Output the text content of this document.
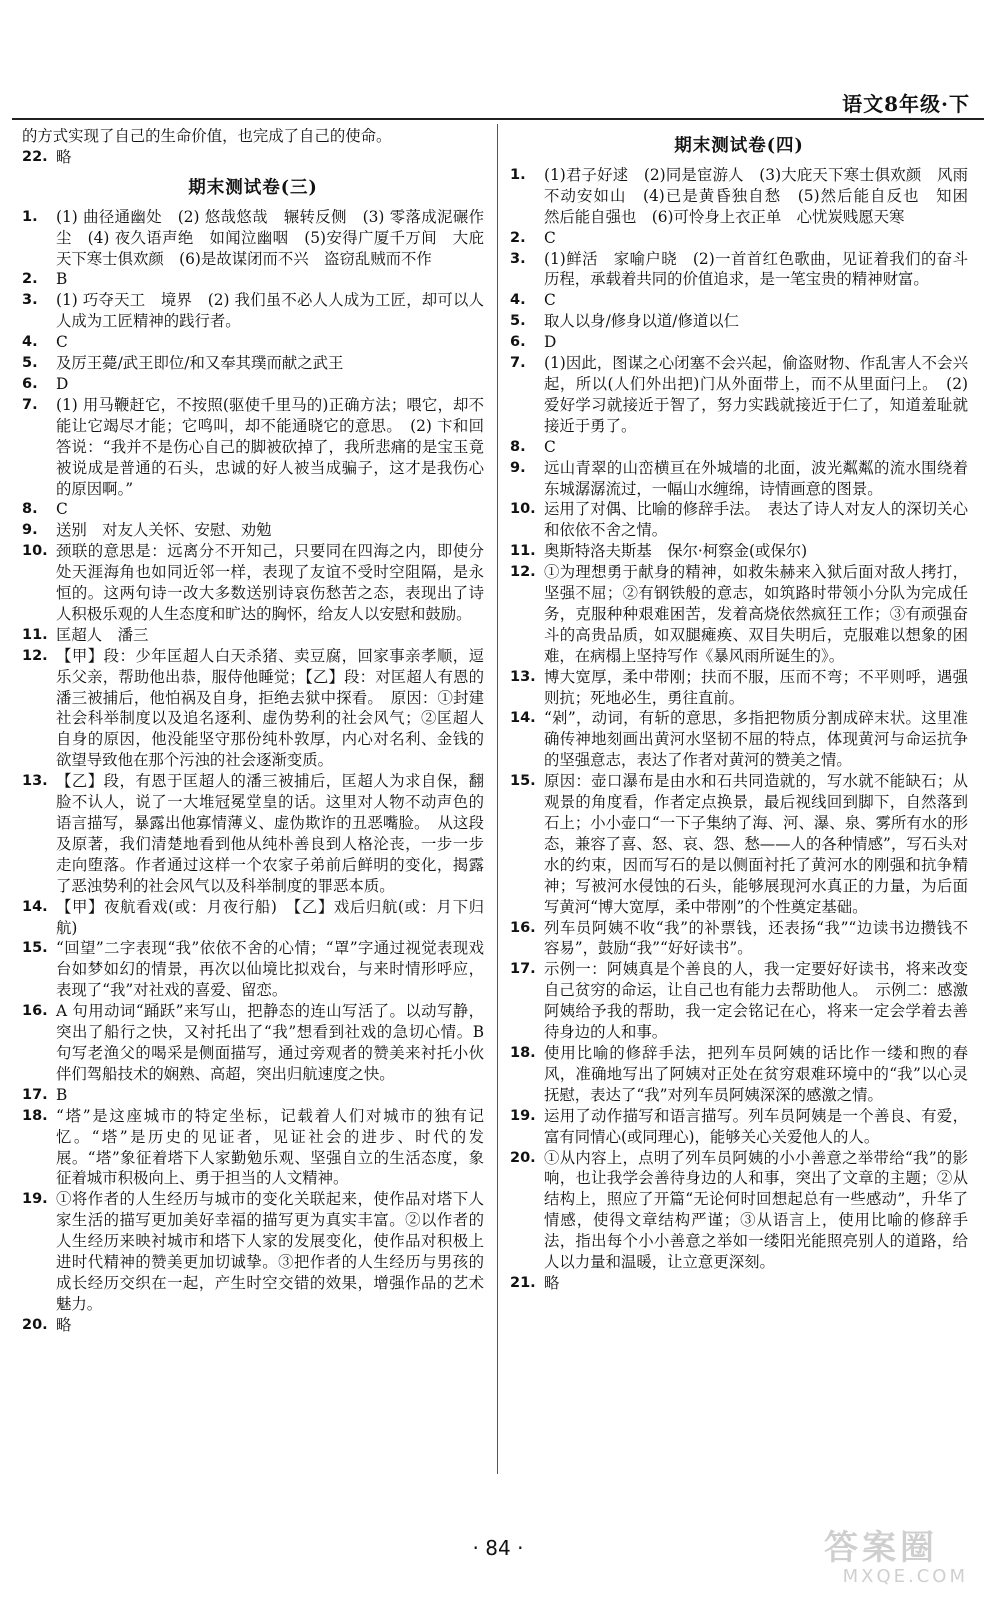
语文8年级·下

的方式实现了自己的生命价值，也完成了自己的使命。

22. 略
期末测试卷(三)
1.	(1) 曲径通幽处　(2) 悠哉悠哉　辗转反侧　(3) 零落成泥碾作尘　(4) 夜久语声绝　如闻泣幽咽　(5)安得广厦千万间　大庇天下寒士俱欢颜　(6)是故谋闭而不兴　盗窃乱贼而不作
2.	B
3.	(1) 巧夺天工　境界　(2) 我们虽不必人人成为工匠，却可以人人成为工匠精神的践行者。
4.	C
5.	及厉王薨/武王即位/和又奉其璞而献之武王
6.	D
7.	(1) 用马鞭赶它，不按照(驱使千里马的)正确方法；喂它，却不能让它竭尽才能；它鸣叫，却不能通晓它的意思。　(2) 卞和回答说：“我并不是伤心自己的脚被砍掉了，我所悲痛的是宝玉竟被说成是普通的石头，忠诚的好人被当成骗子，这才是我伤心的原因啊。”
8.	C
9.	送别　对友人关怀、安慰、劝勉
10. 颈联的意思是：远离分不开知己，只要同在四海之内，即使分处天涯海角也如同近邻一样，表现了友谊不受时空阻隔，是永恒的。这两句诗一改大多数送别诗哀伤愁苦之态，表现出了诗人积极乐观的人生态度和旷达的胸怀，给友人以安慰和鼓励。
11. 匡超人　潘三
12. 【甲】段：少年匡超人白天杀猪、卖豆腐，回家事亲孝顺，逗乐父亲，帮助他出恭，服侍他睡觉；【乙】段：对匡超人有恩的潘三被捕后，他怕祸及自身，拒绝去狱中探看。　原因：①封建社会科举制度以及追名逐利、虚伪势利的社会风气；②匡超人自身的原因，他没能坚守那份纯朴敦厚，内心对名利、金钱的欲望导致他在那个污浊的社会逐渐变质。
13. 【乙】段，有恩于匡超人的潘三被捕后，匡超人为求自保，翻脸不认人，说了一大堆冠冕堂皇的话。这里对人物不动声色的语言描写，暴露出他寡情薄义、虚伪欺诈的丑恶嘴脸。　从这段及原著，我们清楚地看到他从纯朴善良到人格沦丧，一步一步走向堕落。作者通过这样一个农家子弟前后鲜明的变化，揭露了恶浊势利的社会风气以及科举制度的罪恶本质。
14. 【甲】夜航看戏(或：月夜行船)　【乙】戏后归航(或：月下归航)
15. “回望”二字表现“我”依依不舍的心情；“罩”字通过视觉表现戏台如梦如幻的情景，再次以仙境比拟戏台，与来时情形呼应，表现了“我”对社戏的喜爱、留恋。
16. A 句用动词“踊跃”来写山，把静态的连山写活了。以动写静，突出了船行之快，又衬托出了“我”想看到社戏的急切心情。B 句写老渔父的喝采是侧面描写，通过旁观者的赞美来衬托小伙伴们驾船技术的娴熟、高超，突出归航速度之快。
17. B
18. “塔”是这座城市的特定坐标，记载着人们对城市的独有记忆。“塔”是历史的见证者，见证社会的进步、时代的发展。“塔”象征着塔下人家勤勉乐观、坚强自立的生活态度，象征着城市积极向上、勇于担当的人文精神。
19. ①将作者的人生经历与城市的变化关联起来，使作品对塔下人家生活的描写更加美好幸福的描写更为真实丰富。②以作者的人生经历来映衬城市和塔下人家的发展变化，使作品对积极上进时代精神的赞美更加切诚挚。③把作者的人生经历与男孩的成长经历交织在一起，产生时空交错的效果，增强作品的艺术魅力。
20. 略
期末测试卷(四)
1.	(1)君子好逑　(2)同是宦游人　(3)大庇天下寒士俱欢颜　风雨不动安如山　(4)已是黄昏独自愁　(5)然后能自反也　知困　然后能自强也　(6)可怜身上衣正单　心忧炭贱愿天寒
2.	C
3.	(1)鲜活　家喻户晓　(2)一首首红色歌曲，见证着我们的奋斗历程，承载着共同的价值追求，是一笔宝贵的精神财富。
4.	C
5.	取人以身/修身以道/修道以仁
6.	D
7.	(1)因此，图谋之心闭塞不会兴起，偷盗财物、作乱害人不会兴起，所以(人们外出把)门从外面带上，而不从里面闩上。　(2)爱好学习就接近于智了，努力实践就接近于仁了，知道羞耻就接近于勇了。
8.	C
9.	远山青翠的山峦横亘在外城墙的北面，波光粼粼的流水围绕着东城潺潺流过，一幅山水缠绵，诗情画意的图景。
10. 运用了对偶、比喻的修辞手法。　表达了诗人对友人的深切关心和依依不舍之情。
11. 奥斯特洛夫斯基　保尔·柯察金(或保尔)
12. ①为理想勇于献身的精神，如救朱赫来入狱后面对敌人拷打，坚强不屈；②有钢铁般的意志，如筑路时带领小分队为完成任务，克服种种艰难困苦，发着高烧依然疯狂工作；③有顽强奋斗的高贵品质，如双腿瘫痪、双目失明后，克服难以想象的困难，在病榻上坚持写作《暴风雨所诞生的》。
13. 博大宽厚，柔中带刚；扶而不服，压而不弯；不平则呼，遇强则抗；死地必生，勇往直前。
14. “剁”，动词，有斩的意思，多指把物质分割成碎末状。这里准确传神地刻画出黄河水坚韧不屈的特点，体现黄河与命运抗争的坚强意志，表达了作者对黄河的赞美之情。
15. 原因：壶口瀑布是由水和石共同造就的，写水就不能缺石；从观景的角度看，作者定点换景，最后视线回到脚下，自然落到石上；小小壶口“一下子集纳了海、河、瀑、泉、雾所有水的形态，兼容了喜、怒、哀、怨、愁——人的各种情感”，写石头对水的约束，因而写石的是以侧面衬托了黄河水的刚强和抗争精神；写被河水侵蚀的石头，能够展现河水真正的力量，为后面写黄河“博大宽厚，柔中带刚”的个性奠定基础。
16. 列车员阿姨不收“我”的补票钱，还表扬“我”“边读书边攒钱不容易”，鼓励“我”“好好读书”。
17. 示例一：阿姨真是个善良的人，我一定要好好读书，将来改变自己贫穷的命运，让自己也有能力去帮助他人。　示例二：感激阿姨给予我的帮助，我一定会铭记在心，将来一定会学着去善待身边的人和事。
18. 使用比喻的修辞手法，把列车员阿姨的话比作一缕和煦的春风，准确地写出了阿姨对正处在贫穷艰难环境中的“我”以心灵抚慰，表达了“我”对列车员阿姨深深的感激之情。
19. 运用了动作描写和语言描写。列车员阿姨是一个善良、有爱，富有同情心(或同理心)，能够关心关爱他人的人。
20. ①从内容上，点明了列车员阿姨的小小善意之举带给“我”的影响，也让我学会善待身边的人和事，突出了文章的主题；②从结构上，照应了开篇“无论何时回想起总有一些感动”，升华了情感，使得文章结构严谨；③从语言上，使用比喻的修辞手法，指出每个小小善意之举如一缕阳光能照亮别人的道路，给人以力量和温暖，让立意更深刻。
21. 略
· 84 ·	答案圈
MXQE.COM
